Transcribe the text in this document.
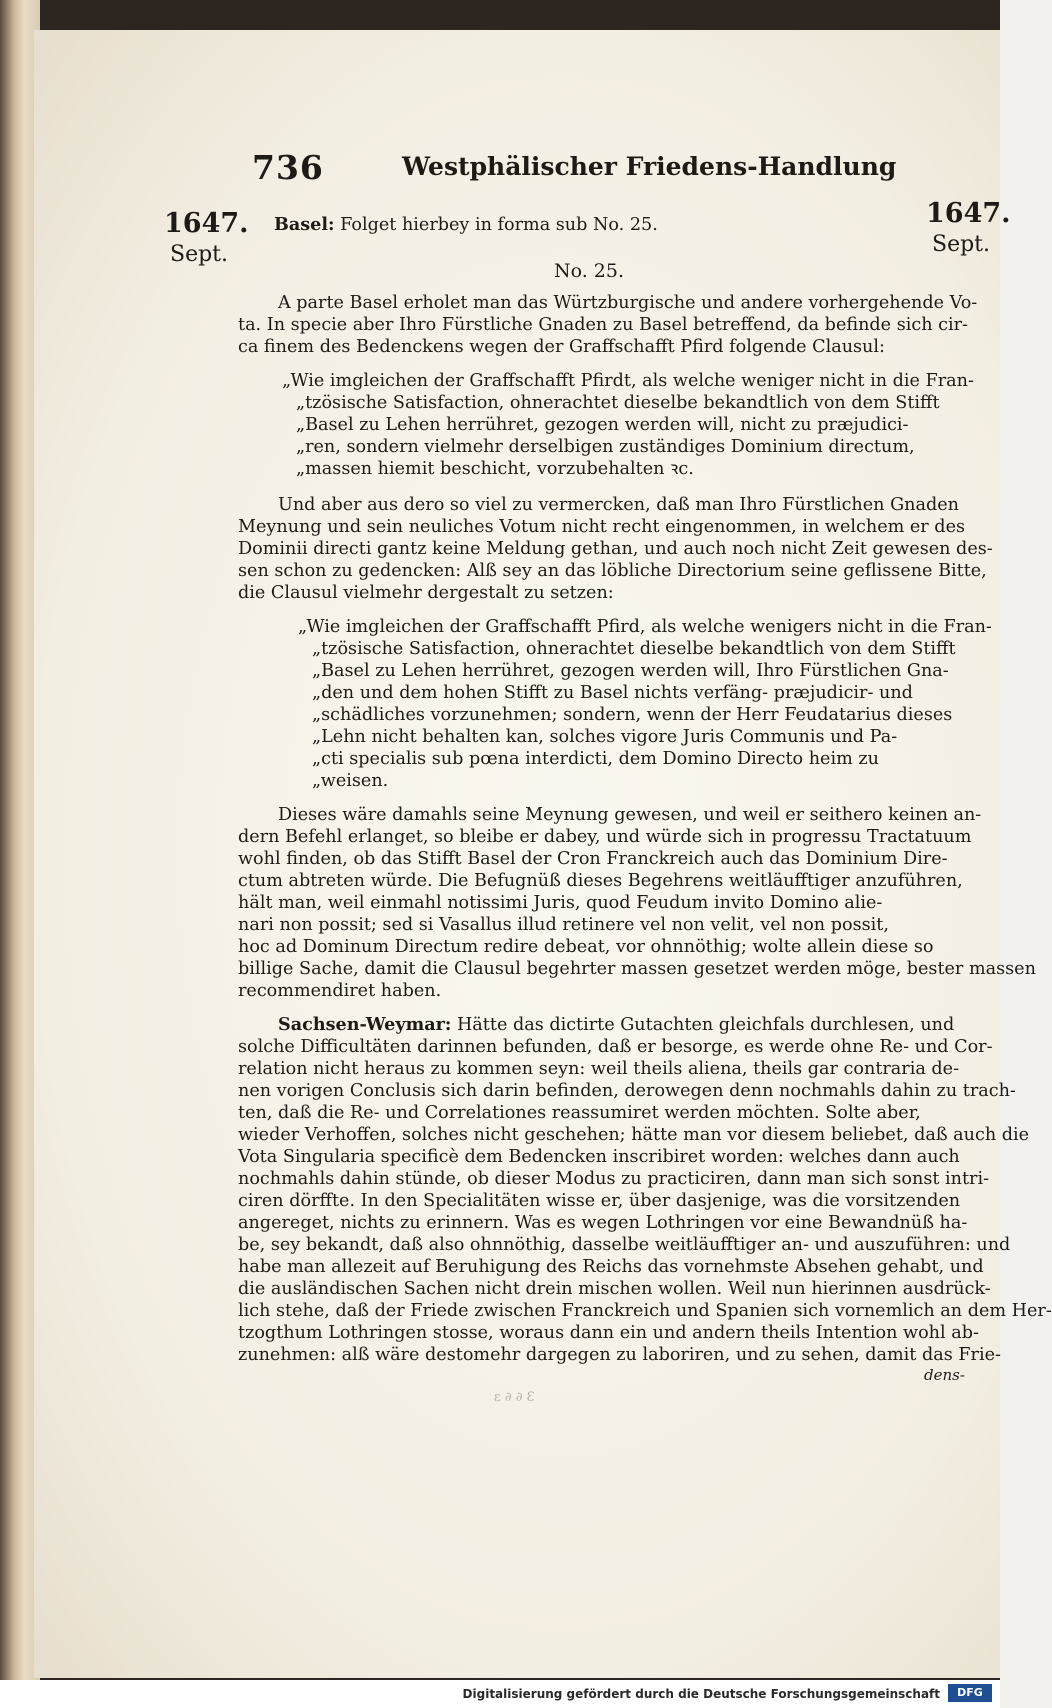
736	Westphälischer Friedens-Handlung
1647.
Sept.
1647.
Sept.
Basel: Folget hierbey in forma sub No. 25.
No. 25.
A parte Basel erholet man das Würtzburgische und andere vorhergehende Vo-
ta. In specie aber Ihro Fürstliche Gnaden zu Basel betreffend, da befinde sich cir-
ca finem des Bedenckens wegen der Graffschafft Pfird folgende Clausul:
„Wie imgleichen der Graffschafft Pfirdt, als welche weniger nicht in die Fran-
„tzösische Satisfaction, ohnerachtet dieselbe bekandtlich von dem Stifft
„Basel zu Lehen herrühret, gezogen werden will, nicht zu præjudici-
„ren, sondern vielmehr derselbigen zuständiges Dominium directum,
„massen hiemit beschicht, vorzubehalten ꝛc.
Und aber aus dero so viel zu vermercken, daß man Ihro Fürstlichen Gnaden
Meynung und sein neuliches Votum nicht recht eingenommen, in welchem er des
Dominii directi gantz keine Meldung gethan, und auch noch nicht Zeit gewesen des-
sen schon zu gedencken: Alß sey an das löbliche Directorium seine geflissene Bitte,
die Clausul vielmehr dergestalt zu setzen:
„Wie imgleichen der Graffschafft Pfird, als welche wenigers nicht in die Fran-
„tzösische Satisfaction, ohnerachtet dieselbe bekandtlich von dem Stifft
„Basel zu Lehen herrühret, gezogen werden will, Ihro Fürstlichen Gna-
„den und dem hohen Stifft zu Basel nichts verfäng- præjudicir- und
„schädliches vorzunehmen; sondern, wenn der Herr Feudatarius dieses
„Lehn nicht behalten kan, solches vigore Juris Communis und Pa-
„cti specialis sub pœna interdicti, dem Domino Directo heim zu
„weisen.
Dieses wäre damahls seine Meynung gewesen, und weil er seithero keinen an-
dern Befehl erlanget, so bleibe er dabey, und würde sich in progressu Tractatuum
wohl finden, ob das Stifft Basel der Cron Franckreich auch das Dominium Dire-
ctum abtreten würde. Die Befugnüß dieses Begehrens weitläufftiger anzuführen,
hält man, weil einmahl notissimi Juris, quod Feudum invito Domino alie-
nari non possit; sed si Vasallus illud retinere vel non velit, vel non possit,
hoc ad Dominum Directum redire debeat, vor ohnnöthig; wolte allein diese so
billige Sache, damit die Clausul begehrter massen gesetzet werden möge, bester massen
recommendiret haben.
Sachsen-Weymar: Hätte das dictirte Gutachten gleichfals durchlesen, und
solche Difficultäten darinnen befunden, daß er besorge, es werde ohne Re- und Cor-
relation nicht heraus zu kommen seyn: weil theils aliena, theils gar contraria de-
nen vorigen Conclusis sich darin befinden, derowegen denn nochmahls dahin zu trach-
ten, daß die Re- und Correlationes reassumiret werden möchten. Solte aber,
wieder Verhoffen, solches nicht geschehen; hätte man vor diesem beliebet, daß auch die
Vota Singularia specificè dem Bedencken inscribiret worden: welches dann auch
nochmahls dahin stünde, ob dieser Modus zu practiciren, dann man sich sonst intri-
ciren dörffte. In den Specialitäten wisse er, über dasjenige, was die vorsitzenden
angereget, nichts zu erinnern. Was es wegen Lothringen vor eine Bewandnüß ha-
be, sey bekandt, daß also ohnnöthig, dasselbe weitläufftiger an- und auszuführen: und
habe man allezeit auf Beruhigung des Reichs das vornehmste Absehen gehabt, und
die ausländischen Sachen nicht drein mischen wollen. Weil nun hierinnen ausdrück-
lich stehe, daß der Friede zwischen Franckreich und Spanien sich vornemlich an dem Her-
tzogthum Lothringen stosse, woraus dann ein und andern theils Intention wohl ab-
zunehmen: alß wäre destomehr dargegen zu laboriren, und zu sehen, damit das Frie-
dens-
ε ∂ ∂ Ɛ
Digitalisierung gefördert durch die Deutsche Forschungsgemeinschaft	DFG
